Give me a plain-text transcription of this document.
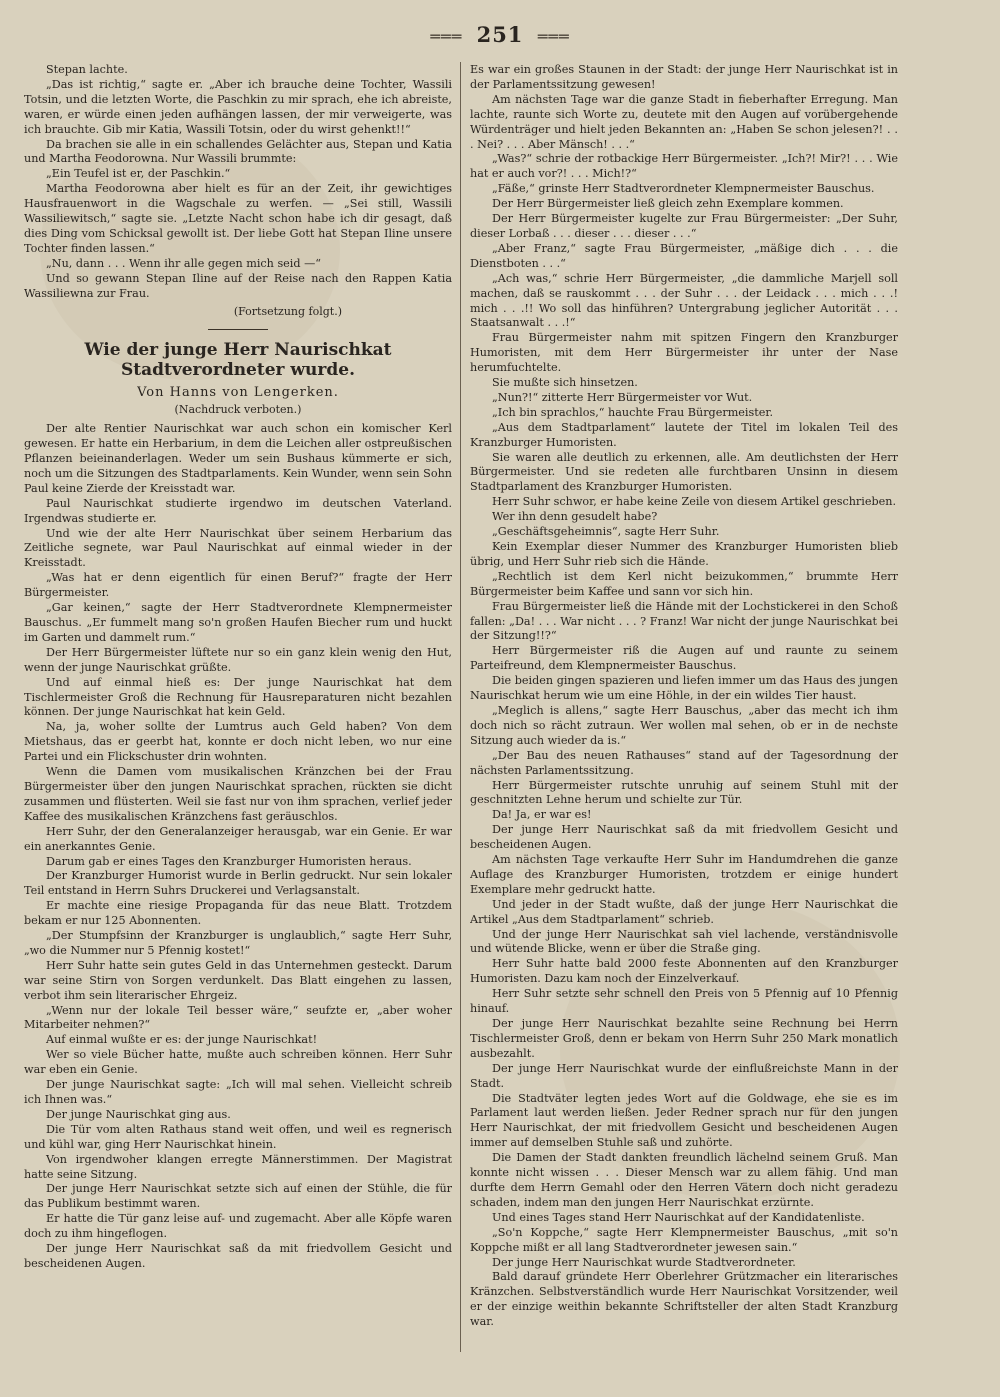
═══ 251 ═══

Stepan lachte.

„Das ist richtig,“ sagte er. „Aber ich brauche deine Tochter, Wassili Totsin, und die letzten Worte, die Paschkin zu mir sprach, ehe ich abreiste, waren, er würde einen jeden aufhängen lassen, der mir verweigerte, was ich brauchte. Gib mir Katia, Wassili Totsin, oder du wirst gehenkt!!“

Da brachen sie alle in ein schallendes Gelächter aus, Stepan und Katia und Martha Feodorowna. Nur Wassili brummte:

„Ein Teufel ist er, der Paschkin.“

Martha Feodorowna aber hielt es für an der Zeit, ihr gewichtiges Hausfrauenwort in die Wagschale zu werfen. — „Sei still, Wassili Wassiliewitsch,“ sagte sie. „Letzte Nacht schon habe ich dir gesagt, daß dies Ding vom Schicksal gewollt ist. Der liebe Gott hat Stepan Iline unsere Tochter finden lassen.“

„Nu, dann . . . Wenn ihr alle gegen mich seid —“

Und so gewann Stepan Iline auf der Reise nach den Rappen Katia Wassiliewna zur Frau.

(Fortsetzung folgt.)
Wie der junge Herr Naurischkat Stadtverordneter wurde.
Von Hanns von Lengerken.
(Nachdruck verboten.)

Der alte Rentier Naurischkat war auch schon ein komischer Kerl gewesen. Er hatte ein Herbarium, in dem die Leichen aller ostpreußischen Pflanzen beieinanderlagen. Weder um sein Bushaus kümmerte er sich, noch um die Sitzungen des Stadtparlaments. Kein Wunder, wenn sein Sohn Paul keine Zierde der Kreisstadt war.

Paul Naurischkat studierte irgendwo im deutschen Vaterland. Irgendwas studierte er.

Und wie der alte Herr Naurischkat über seinem Herbarium das Zeitliche segnete, war Paul Naurischkat auf einmal wieder in der Kreisstadt.

„Was hat er denn eigentlich für einen Beruf?“ fragte der Herr Bürgermeister.

„Gar keinen,“ sagte der Herr Stadtverordnete Klempnermeister Bauschus. „Er fummelt mang so'n großen Haufen Biecher rum und huckt im Garten und dammelt rum.“

Der Herr Bürgermeister lüftete nur so ein ganz klein wenig den Hut, wenn der junge Naurischkat grüßte.

Und auf einmal hieß es: Der junge Naurischkat hat dem Tischlermeister Groß die Rechnung für Hausreparaturen nicht bezahlen können. Der junge Naurischkat hat kein Geld.

Na, ja, woher sollte der Lumtrus auch Geld haben? Von dem Mietshaus, das er geerbt hat, konnte er doch nicht leben, wo nur eine Partei und ein Flickschuster drin wohnten.

Wenn die Damen vom musikalischen Kränzchen bei der Frau Bürgermeister über den jungen Naurischkat sprachen, rückten sie dicht zusammen und flüsterten. Weil sie fast nur von ihm sprachen, verlief jeder Kaffee des musikalischen Kränzchens fast geräuschlos.

Herr Suhr, der den Generalanzeiger herausgab, war ein Genie. Er war ein anerkanntes Genie.

Darum gab er eines Tages den Kranzburger Humoristen heraus.

Der Kranzburger Humorist wurde in Berlin gedruckt. Nur sein lokaler Teil entstand in Herrn Suhrs Druckerei und Verlagsanstalt.

Er machte eine riesige Propaganda für das neue Blatt. Trotzdem bekam er nur 125 Abonnenten.

„Der Stumpfsinn der Kranzburger is unglaublich,“ sagte Herr Suhr, „wo die Nummer nur 5 Pfennig kostet!“

Herr Suhr hatte sein gutes Geld in das Unternehmen gesteckt. Darum war seine Stirn von Sorgen verdunkelt. Das Blatt eingehen zu lassen, verbot ihm sein literarischer Ehrgeiz.

„Wenn nur der lokale Teil besser wäre,“ seufzte er, „aber woher Mitarbeiter nehmen?“

Auf einmal wußte er es: der junge Naurischkat!

Wer so viele Bücher hatte, mußte auch schreiben können. Herr Suhr war eben ein Genie.

Der junge Naurischkat sagte: „Ich will mal sehen. Vielleicht schreib ich Ihnen was.“

Der junge Naurischkat ging aus.

Die Tür vom alten Rathaus stand weit offen, und weil es regnerisch und kühl war, ging Herr Naurischkat hinein.

Von irgendwoher klangen erregte Männerstimmen. Der Magistrat hatte seine Sitzung.

Der junge Herr Naurischkat setzte sich auf einen der Stühle, die für das Publikum bestimmt waren.

Er hatte die Tür ganz leise auf- und zugemacht. Aber alle Köpfe waren doch zu ihm hingeflogen.

Der junge Herr Naurischkat saß da mit friedvollem Gesicht und bescheidenen Augen.

Es war ein großes Staunen in der Stadt: der junge Herr Naurischkat ist in der Parlamentssitzung gewesen!

Am nächsten Tage war die ganze Stadt in fieberhafter Erregung. Man lachte, raunte sich Worte zu, deutete mit den Augen auf vorübergehende Würdenträger und hielt jeden Bekannten an: „Haben Se schon jelesen?! . . . Nei? . . . Aber Mänsch! . . .“

„Was?“ schrie der rotbackige Herr Bürgermeister. „Ich?! Mir?! . . . Wie hat er auch vor?! . . . Mich!?“

„Fäße,“ grinste Herr Stadtverordneter Klempnermeister Bauschus.

Der Herr Bürgermeister ließ gleich zehn Exemplare kommen.

Der Herr Bürgermeister kugelte zur Frau Bürgermeister: „Der Suhr, dieser Lorbaß . . . dieser . . . dieser . . .“

„Aber Franz,“ sagte Frau Bürgermeister, „mäßige dich . . . die Dienstboten . . .“

„Ach was,“ schrie Herr Bürgermeister, „die dammliche Marjell soll machen, daß se rauskommt . . . der Suhr . . . der Leidack . . . mich . . .! mich . . .!! Wo soll das hinführen? Untergrabung jeglicher Autorität . . . Staatsanwalt . . .!“

Frau Bürgermeister nahm mit spitzen Fingern den Kranzburger Humoristen, mit dem Herr Bürgermeister ihr unter der Nase herumfuchtelte.

Sie mußte sich hinsetzen.

„Nun?!“ zitterte Herr Bürgermeister vor Wut.

„Ich bin sprachlos,“ hauchte Frau Bürgermeister.

„Aus dem Stadtparlament“ lautete der Titel im lokalen Teil des Kranzburger Humoristen.

Sie waren alle deutlich zu erkennen, alle. Am deutlichsten der Herr Bürgermeister. Und sie redeten alle furchtbaren Unsinn in diesem Stadtparlament des Kranzburger Humoristen.

Herr Suhr schwor, er habe keine Zeile von diesem Artikel geschrieben.

Wer ihn denn gesudelt habe?

„Geschäftsgeheimnis“, sagte Herr Suhr.

Kein Exemplar dieser Nummer des Kranzburger Humoristen blieb übrig, und Herr Suhr rieb sich die Hände.

„Rechtlich ist dem Kerl nicht beizukommen,“ brummte Herr Bürgermeister beim Kaffee und sann vor sich hin.

Frau Bürgermeister ließ die Hände mit der Lochstickerei in den Schoß fallen: „Da! . . . War nicht . . . ? Franz! War nicht der junge Naurischkat bei der Sitzung!!?“

Herr Bürgermeister riß die Augen auf und raunte zu seinem Parteifreund, dem Klempnermeister Bauschus.

Die beiden gingen spazieren und liefen immer um das Haus des jungen Naurischkat herum wie um eine Höhle, in der ein wildes Tier haust.

„Meglich is allens,“ sagte Herr Bauschus, „aber das mecht ich ihm doch nich so rächt zutraun. Wer wollen mal sehen, ob er in de nechste Sitzung auch wieder da is.“

„Der Bau des neuen Rathauses“ stand auf der Tagesordnung der nächsten Parlamentssitzung.

Herr Bürgermeister rutschte unruhig auf seinem Stuhl mit der geschnitzten Lehne herum und schielte zur Tür.

Da! Ja, er war es!

Der junge Herr Naurischkat saß da mit friedvollem Gesicht und bescheidenen Augen.

Am nächsten Tage verkaufte Herr Suhr im Handumdrehen die ganze Auflage des Kranzburger Humoristen, trotzdem er einige hundert Exemplare mehr gedruckt hatte.

Und jeder in der Stadt wußte, daß der junge Herr Naurischkat die Artikel „Aus dem Stadtparlament“ schrieb.

Und der junge Herr Naurischkat sah viel lachende, verständnisvolle und wütende Blicke, wenn er über die Straße ging.

Herr Suhr hatte bald 2000 feste Abonnenten auf den Kranzburger Humoristen. Dazu kam noch der Einzelverkauf.

Herr Suhr setzte sehr schnell den Preis von 5 Pfennig auf 10 Pfennig hinauf.

Der junge Herr Naurischkat bezahlte seine Rechnung bei Herrn Tischlermeister Groß, denn er bekam von Herrn Suhr 250 Mark monatlich ausbezahlt.

Der junge Herr Naurischkat wurde der einflußreichste Mann in der Stadt.

Die Stadtväter legten jedes Wort auf die Goldwage, ehe sie es im Parlament laut werden ließen. Jeder Redner sprach nur für den jungen Herr Naurischkat, der mit friedvollem Gesicht und bescheidenen Augen immer auf demselben Stuhle saß und zuhörte.

Die Damen der Stadt dankten freundlich lächelnd seinem Gruß. Man konnte nicht wissen . . . Dieser Mensch war zu allem fähig. Und man durfte dem Herrn Gemahl oder den Herren Vätern doch nicht geradezu schaden, indem man den jungen Herr Naurischkat erzürnte.

Und eines Tages stand Herr Naurischkat auf der Kandidatenliste.

„So'n Koppche,“ sagte Herr Klempnermeister Bauschus, „mit so'n Koppche mißt er all lang Stadtverordneter jewesen sain.“

Der junge Herr Naurischkat wurde Stadtverordneter.

Bald darauf gründete Herr Oberlehrer Grützmacher ein literarisches Kränzchen. Selbstverständlich wurde Herr Naurischkat Vorsitzender, weil er der einzige weithin bekannte Schriftsteller der alten Stadt Kranzburg war.
